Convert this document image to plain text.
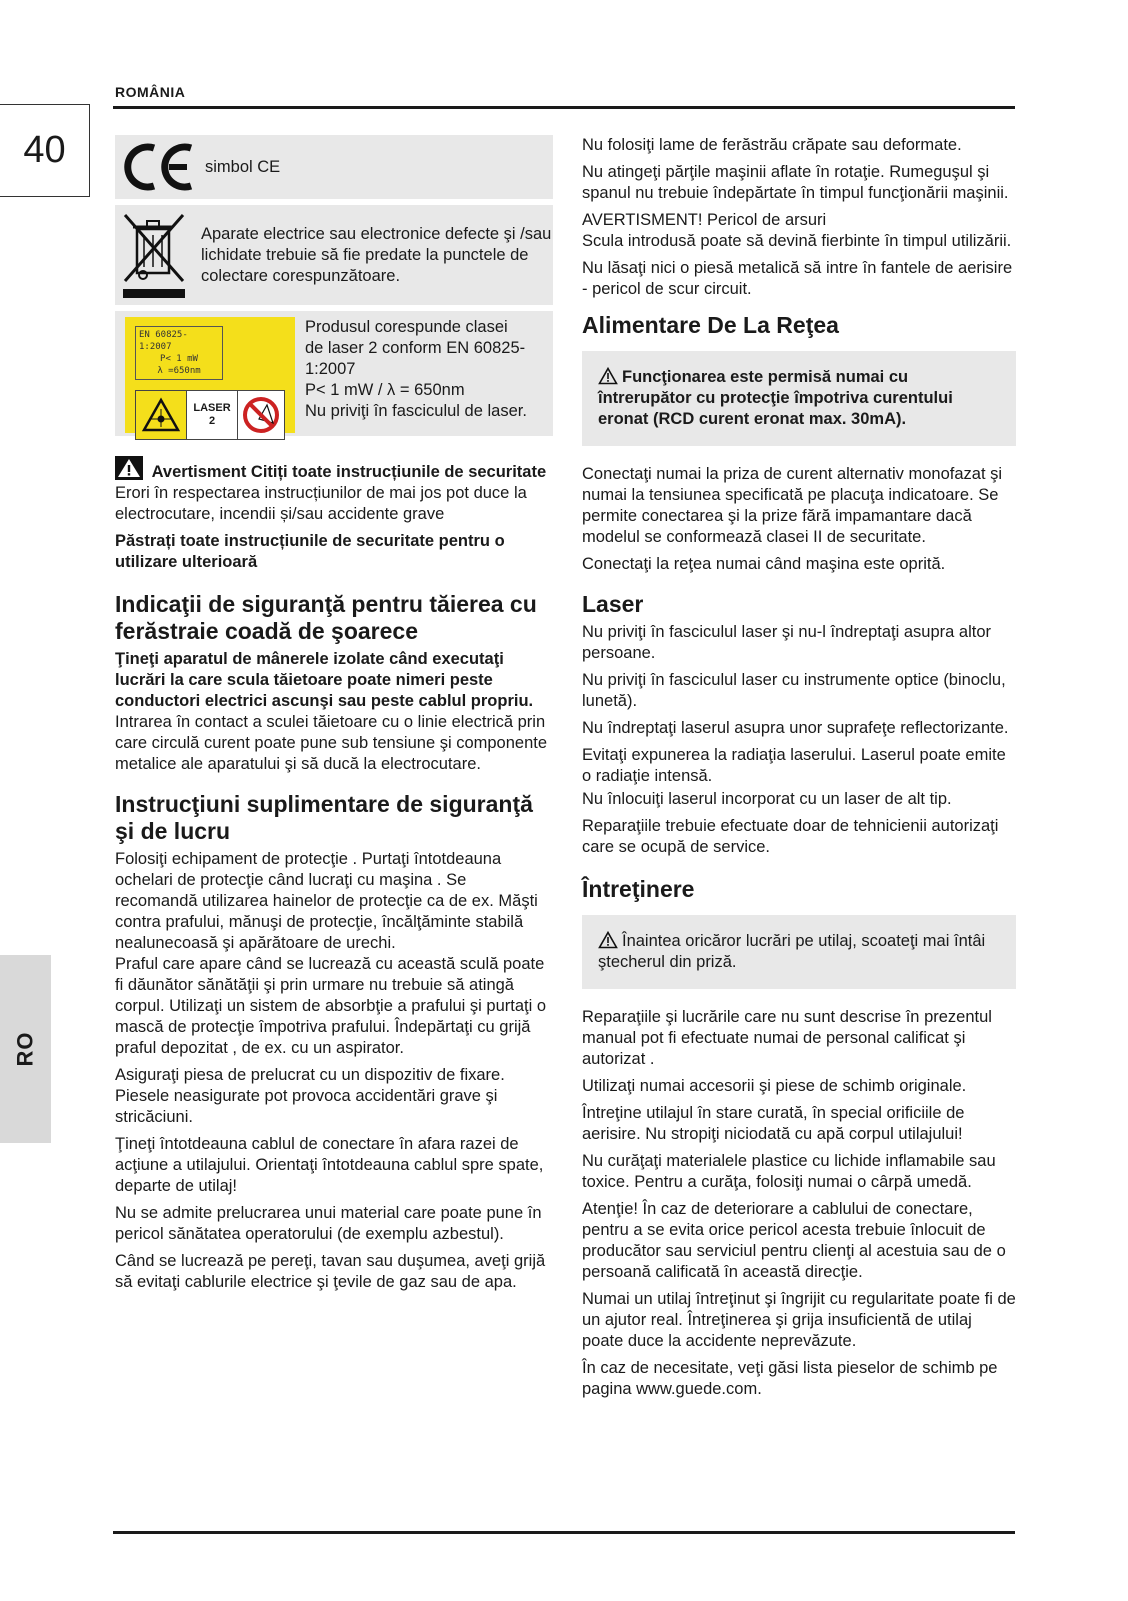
ROMÂNIA
40
RO
simbol CE
Aparate electrice sau electronice defecte şi /sau lichidate trebuie să fie predate la punctele de colectare corespunzătoare.
EN 60825-1:2007
P< 1 mW
λ =650nm
LASER
2
Produsul corespunde clasei
de laser 2 conform EN 60825-
1:2007
P< 1 mW / λ = 650nm
Nu priviţi în fasciculul de laser.

Avertisment Citiți toate instrucțiunile de securitate Erori în respectarea instrucțiunilor de mai jos pot duce la electrocutare, incendii și/sau accidente grave

Păstrați toate instrucțiunile de securitate pentru o utilizare ulterioară

Indicaţii de siguranţă pentru tăierea cu ferăstraie coadă de şoarece

Ţineţi aparatul de mânerele izolate când executaţi lucrări la care scula tăietoare poate nimeri peste conductori electrici ascunşi sau peste cablul propriu. Intrarea în contact a sculei tăietoare cu o linie electrică prin care circulă curent poate pune sub tensiune şi componente metalice ale aparatului şi să ducă la electrocutare.

Instrucţiuni suplimentare de siguranţă şi de lucru

Folosiţi echipament de protecţie . Purtaţi întotdeauna ochelari de protecţie când lucraţi cu maşina . Se recomandă utilizarea hainelor de protecţie ca de ex. Măşti contra prafului, mănuşi de protecţie, încălţăminte stabilă nealunecoasă şi apărătoare de urechi.

Praful care apare când se lucrează cu această sculă poate fi dăunător sănătăţii şi prin urmare nu trebuie să atingă corpul. Utilizaţi un sistem de absorbţie a prafului şi purtaţi o mască de protecţie împotriva prafului. Îndepărtaţi cu grijă praful depozitat , de ex. cu un aspirator.

Asiguraţi piesa de prelucrat cu un dispozitiv de fixare. Piesele neasigurate pot provoca accidentări grave şi stricăciuni.

Ţineţi întotdeauna cablul de conectare în afara razei de acţiune a utilajului. Orientaţi întotdeauna cablul spre spate, departe de utilaj!

Nu se admite prelucrarea unui material care poate pune în pericol sănătatea operatorului (de exemplu azbestul).

Când se lucrează pe pereţi, tavan sau duşumea, aveţi grijă să evitaţi cablurile electrice şi ţevile de gaz sau de apa.

Nu folosiţi lame de ferăstrău crăpate sau deformate.

Nu atingeţi părţile maşinii aflate în rotaţie. Rumeguşul şi spanul nu trebuie îndepărtate în timpul funcţionării maşinii.

AVERTISMENT! Pericol de arsuri

Scula introdusă poate să devină fierbinte în timpul utilizării.

Nu lăsaţi nici o piesă metalică să intre în fantele de aerisire - pericol de scur circuit.

Alimentare De La Reţea

Funcţionarea este permisă numai cu întrerupător cu protecţie împotriva curentului eronat (RCD curent eronat max. 30mA).

Conectaţi numai la priza de curent alternativ monofazat şi numai la tensiunea specificată pe placuţa indicatoare. Se permite conectarea şi la prize fără impamantare dacă modelul se conformează clasei II de securitate.

Conectaţi la reţea numai când maşina este oprită.

Laser

Nu priviţi în fasciculul laser şi nu-l îndreptaţi asupra altor persoane.

Nu priviţi în fasciculul laser cu instrumente optice (binoclu, lunetă).

Nu îndreptaţi laserul asupra unor suprafeţe reflectorizante.

Evitaţi expunerea la radiaţia laserului. Laserul poate emite o radiaţie intensă.

Nu înlocuiţi laserul incorporat cu un laser de alt tip.

Reparaţiile trebuie efectuate doar de tehnicienii autorizaţi care se ocupă de service.

Întreţinere

Înaintea oricăror lucrări pe utilaj, scoateţi mai întâi ştecherul din priză.

Reparaţiile şi lucrările care nu sunt descrise în prezentul manual pot fi efectuate numai de personal calificat şi autorizat .

Utilizaţi numai accesorii şi piese de schimb originale.

Întreţine utilajul în stare curată, în special orificiile de aerisire. Nu stropiţi niciodată cu apă corpul utilajului!

Nu curăţaţi materialele plastice cu lichide inflamabile sau toxice. Pentru a curăţa, folosiţi numai o cârpă umedă.

Atenţie! În caz de deteriorare a cablului de conectare, pentru a se evita orice pericol acesta trebuie înlocuit de producător sau serviciul pentru clienţi al acestuia sau de o persoană calificată în această direcţie.

Numai un utilaj întreţinut şi îngrijit cu regularitate poate fi de un ajutor real. Întreţinerea şi grija insuficientă de utilaj poate duce la accidente neprevăzute.

În caz de necesitate, veţi găsi lista pieselor de schimb pe pagina www.guede.com.
